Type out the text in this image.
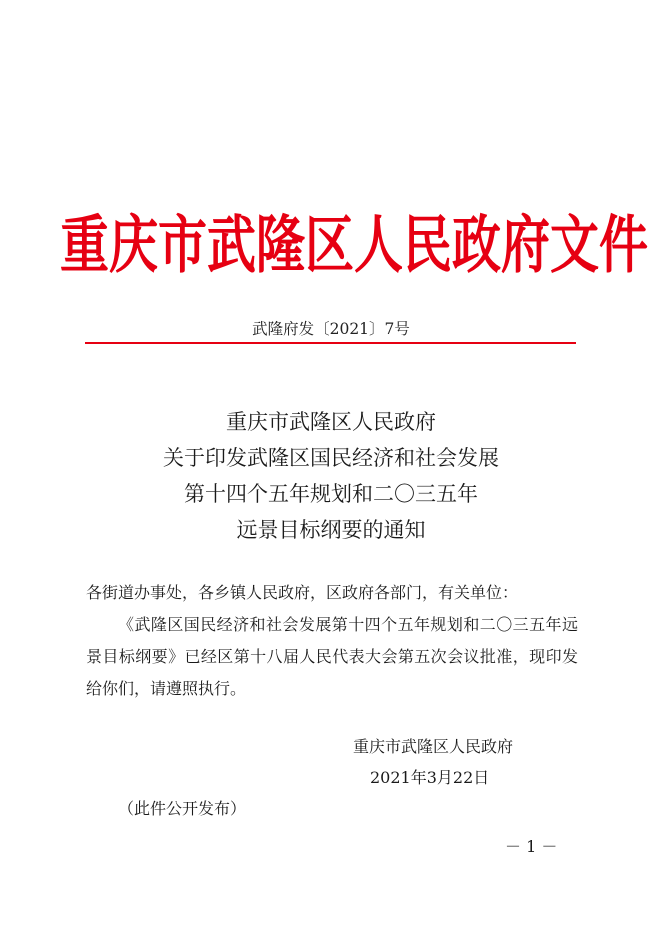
重庆市武隆区人民政府文件
武隆府发〔2021〕7号
重庆市武隆区人民政府
关于印发武隆区国民经济和社会发展
第十四个五年规划和二〇三五年
远景目标纲要的通知

各街道办事处，各乡镇人民政府，区政府各部门，有关单位：

《武隆区国民经济和社会发展第十四个五年规划和二〇三五年远景目标纲要》已经区第十八届人民代表大会第五次会议批准，现印发给你们，请遵照执行。

重庆市武隆区人民政府
2021年3月22日
（此件公开发布）
－ 1 －
